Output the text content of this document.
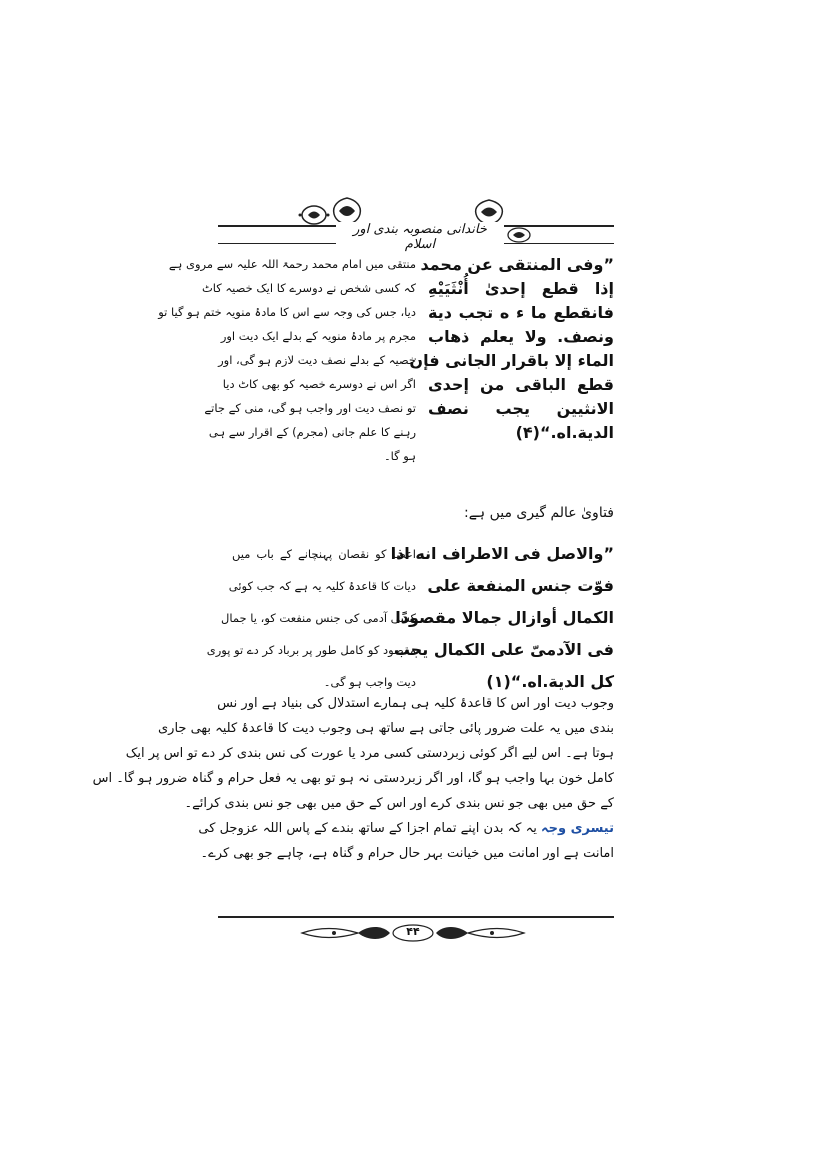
خاندانی منصوبہ بندی اور اسلام
”وفی المنتقی عن محمد
إذا قطع إحدیٰ أُنْثَیَیْهِ
فانقطع ما ء ه تجب دية
ونصف. ولا يعلم ذهاب
الماء إلا باقرار الجانی فإن
قطع الباقی من إحدی
الانثيين يجب نصف
الدية.اه.“(۴)
منتقی میں امام محمد رحمۃ اللہ علیہ سے مروی ہے
کہ کسی شخص نے دوسرے کا ایک خصیہ کاٹ
دیا، جس کی وجہ سے اس کا مادۂ منویہ ختم ہو گیا تو
مجرم پر مادۂ منویہ کے بدلے ایک دیت اور
خصیہ کے بدلے نصف دیت لازم ہو گی، اور
اگر اس نے دوسرے خصیہ کو بھی کاٹ دیا
تو نصف دیت اور واجب ہو گی، منی کے جاتے
رہنے کا علم جانی (مجرم) کے اقرار سے ہی
ہو گا۔
فتاویٰ عالم گیری میں ہے:
”والاصل فی الاطراف انه اذا
فوّت جنس المنفعة على
الكمال أوازال جمالا مقصودًا
فی الآدمیّ على الكمال يجب
كل الدية.اه.“(۱)
اعضا کو نقصان پہنچانے کے باب میں
دیات کا قاعدۂ کلیہ یہ ہے کہ جب کوئی
کسی آدمی کی جنس منفعت کو، یا جمال
مقصود کو کامل طور پر برباد کر دے تو پوری
دیت واجب ہو گی۔
وجوب دیت اور اس کا قاعدۂ کلیہ ہی ہمارے استدلال کی بنیاد ہے اور نس
بندی میں یہ علت ضرور پائی جاتی ہے ساتھ ہی وجوب دیت کا قاعدۂ کلیہ بھی جاری
ہوتا ہے۔ اس لیے اگر کوئی زبردستی کسی مرد یا عورت کی نس بندی کر دے تو اس پر ایک
کامل خون بہا واجب ہو گا، اور اگر زبردستی نہ ہو تو بھی یہ فعل حرام و گناہ ضرور ہو گا۔ اس
کے حق میں بھی جو نس بندی کرے اور اس کے حق میں بھی جو نس بندی کرائے۔
تیسری وجہ یہ کہ بدن اپنے تمام اجزا کے ساتھ بندے کے پاس اللہ عزوجل کی
امانت ہے اور امانت میں خیانت بہر حال حرام و گناہ ہے، چاہے جو بھی کرے۔
۴۴
